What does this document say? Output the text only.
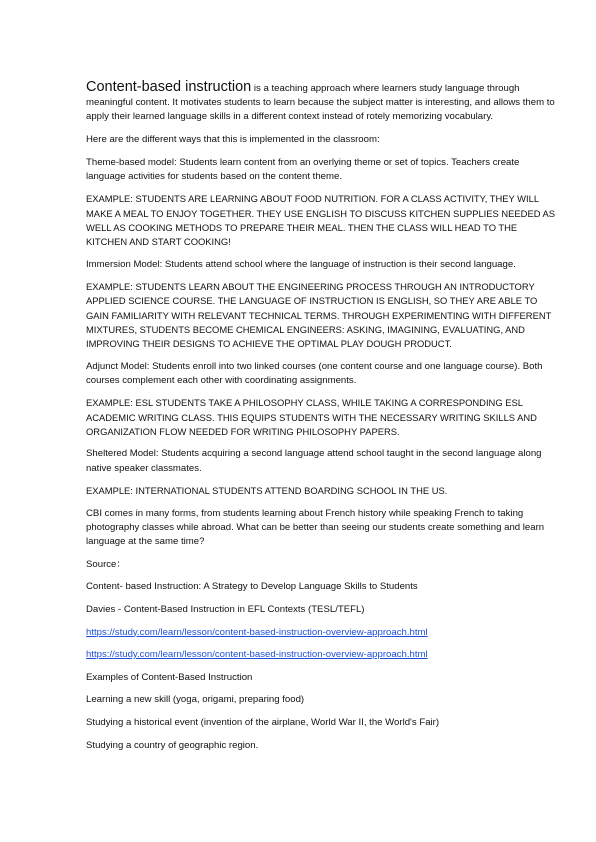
Content-based instruction is a teaching approach where learners study language through meaningful content. It motivates students to learn because the subject matter is interesting, and allows them to apply their learned language skills in a different context instead of rotely memorizing vocabulary.

Here are the different ways that this is implemented in the classroom:

Theme-based model: Students learn content from an overlying theme or set of topics. Teachers create language activities for students based on the content theme.

EXAMPLE: STUDENTS ARE LEARNING ABOUT FOOD NUTRITION. FOR A CLASS ACTIVITY, THEY WILL MAKE A MEAL TO ENJOY TOGETHER. THEY USE ENGLISH TO DISCUSS KITCHEN SUPPLIES NEEDED AS WELL AS COOKING METHODS TO PREPARE THEIR MEAL. THEN THE CLASS WILL HEAD TO THE KITCHEN AND START COOKING!

Immersion Model: Students attend school where the language of instruction is their second language.

EXAMPLE: STUDENTS LEARN ABOUT THE ENGINEERING PROCESS THROUGH AN INTRODUCTORY APPLIED SCIENCE COURSE. THE LANGUAGE OF INSTRUCTION IS ENGLISH, SO THEY ARE ABLE TO GAIN FAMILIARITY WITH RELEVANT TECHNICAL TERMS. THROUGH EXPERIMENTING WITH DIFFERENT MIXTURES, STUDENTS BECOME CHEMICAL ENGINEERS: ASKING, IMAGINING, EVALUATING, AND IMPROVING THEIR DESIGNS TO ACHIEVE THE OPTIMAL PLAY DOUGH PRODUCT.

Adjunct Model: Students enroll into two linked courses (one content course and one language course). Both courses complement each other with coordinating assignments.

EXAMPLE: ESL STUDENTS TAKE A PHILOSOPHY CLASS, WHILE TAKING A CORRESPONDING ESL ACADEMIC WRITING CLASS. THIS EQUIPS STUDENTS WITH THE NECESSARY WRITING SKILLS AND ORGANIZATION FLOW NEEDED FOR WRITING PHILOSOPHY PAPERS.

Sheltered Model: Students acquiring a second language attend school taught in the second language along native speaker classmates.

EXAMPLE: INTERNATIONAL STUDENTS ATTEND BOARDING SCHOOL IN THE US.

CBI comes in many forms, from students learning about French history while speaking French to taking photography classes while abroad. What can be better than seeing our students create something and learn language at the same time?

Source：

Content- based Instruction: A Strategy to Develop Language Skills to Students

Davies - Content-Based Instruction in EFL Contexts (TESL/TEFL)

https://study.com/learn/lesson/content-based-instruction-overview-approach.html

https://study.com/learn/lesson/content-based-instruction-overview-approach.html

Examples of Content-Based Instruction

Learning a new skill (yoga, origami, preparing food)

Studying a historical event (invention of the airplane, World War II, the World's Fair)

Studying a country of geographic region.
